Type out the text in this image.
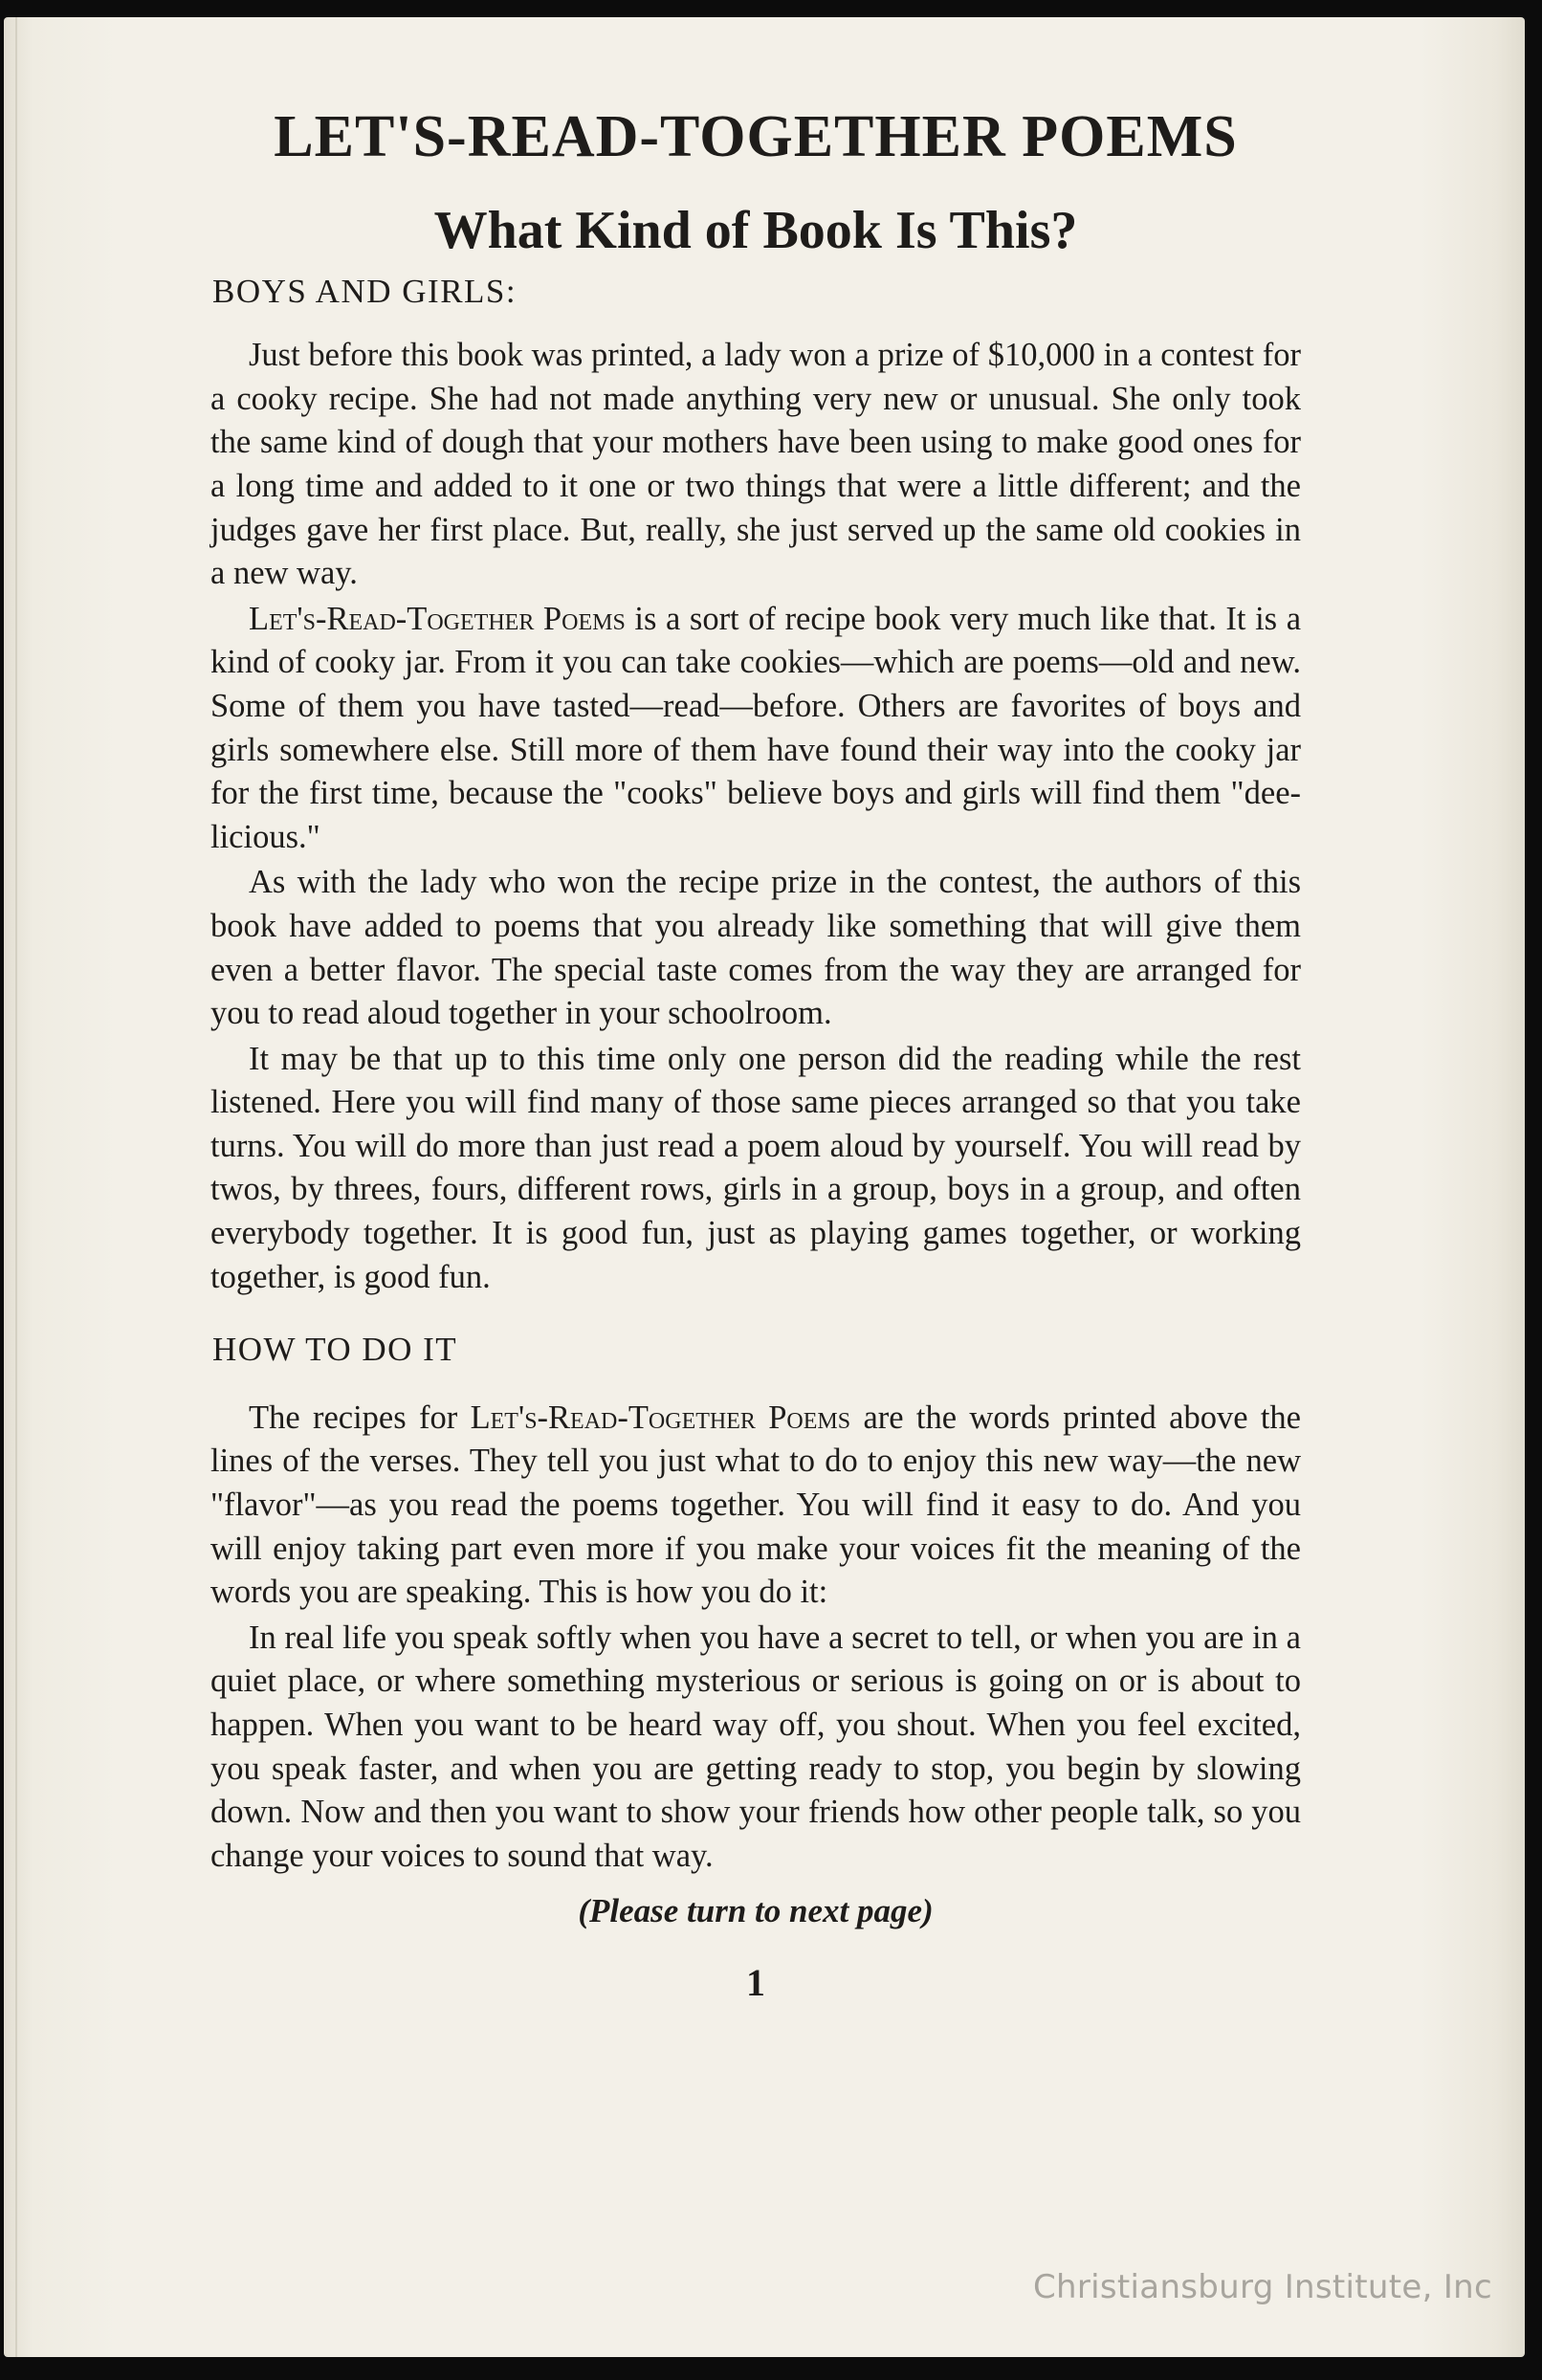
LET'S-READ-TOGETHER POEMS
What Kind of Book Is This?
BOYS AND GIRLS:

Just before this book was printed, a lady won a prize of $10,000 in a contest for a cooky recipe. She had not made anything very new or unusual. She only took the same kind of dough that your mothers have been using to make good ones for a long time and added to it one or two things that were a little different; and the judges gave her first place. But, really, she just served up the same old cookies in a new way.

Let's-Read-Together Poems is a sort of recipe book very much like that. It is a kind of cooky jar. From it you can take cookies—which are poems—old and new. Some of them you have tasted—read—before. Others are favorites of boys and girls somewhere else. Still more of them have found their way into the cooky jar for the first time, because the "cooks" believe boys and girls will find them "dee-licious."

As with the lady who won the recipe prize in the contest, the authors of this book have added to poems that you already like something that will give them even a better flavor. The special taste comes from the way they are arranged for you to read aloud together in your schoolroom.

It may be that up to this time only one person did the reading while the rest listened. Here you will find many of those same pieces arranged so that you take turns. You will do more than just read a poem aloud by yourself. You will read by twos, by threes, fours, different rows, girls in a group, boys in a group, and often everybody together. It is good fun, just as playing games together, or working together, is good fun.

HOW TO DO IT

The recipes for Let's-Read-Together Poems are the words printed above the lines of the verses. They tell you just what to do to enjoy this new way—the new "flavor"—as you read the poems together. You will find it easy to do. And you will enjoy taking part even more if you make your voices fit the meaning of the words you are speaking. This is how you do it:

In real life you speak softly when you have a secret to tell, or when you are in a quiet place, or where something mysterious or serious is going on or is about to happen. When you want to be heard way off, you shout. When you feel excited, you speak faster, and when you are getting ready to stop, you begin by slowing down. Now and then you want to show your friends how other people talk, so you change your voices to sound that way.

(Please turn to next page)
1
Christiansburg Institute, Inc
